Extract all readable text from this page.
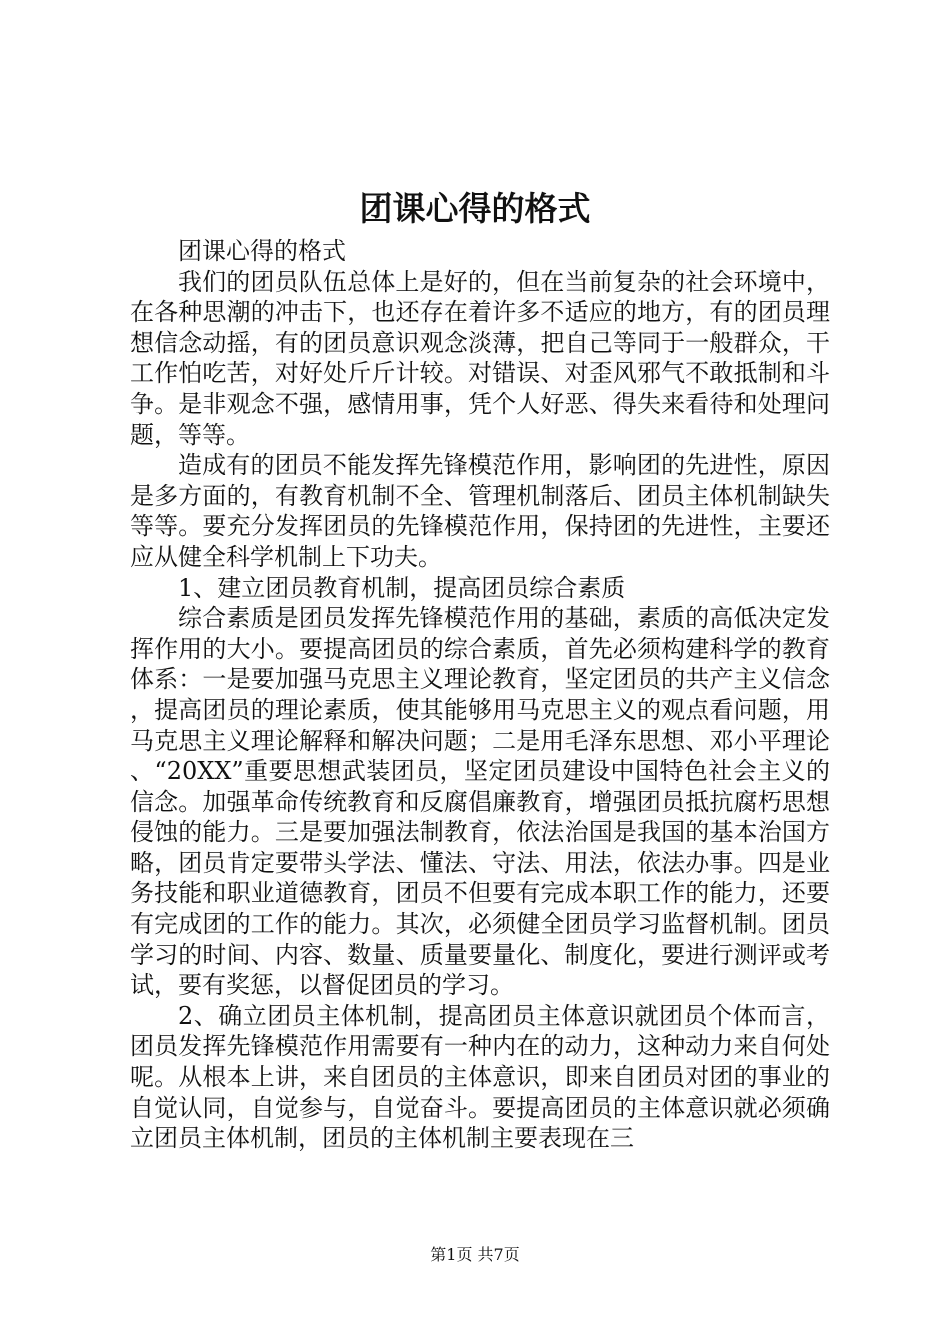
团课心得的格式

团课心得的格式

我们的团员队伍总体上是好的，但在当前复杂的社会环境中，在各种思潮的冲击下，也还存在着许多不适应的地方，有的团员理想信念动摇，有的团员意识观念淡薄，把自己等同于一般群众，干工作怕吃苦，对好处斤斤计较。对错误、对歪风邪气不敢抵制和斗争。是非观念不强，感情用事，凭个人好恶、得失来看待和处理问题，等等。

造成有的团员不能发挥先锋模范作用，影响团的先进性，原因是多方面的，有教育机制不全、管理机制落后、团员主体机制缺失等等。要充分发挥团员的先锋模范作用，保持团的先进性，主要还应从健全科学机制上下功夫。

1、建立团员教育机制，提高团员综合素质

综合素质是团员发挥先锋模范作用的基础，素质的高低决定发挥作用的大小。要提高团员的综合素质，首先必须构建科学的教育体系：一是要加强马克思主义理论教育，坚定团员的共产主义信念，提高团员的理论素质，使其能够用马克思主义的观点看问题，用马克思主义理论解释和解决问题；二是用毛泽东思想、邓小平理论、“20XX”重要思想武装团员，坚定团员建设中国特色社会主义的信念。加强革命传统教育和反腐倡廉教育，增强团员抵抗腐朽思想侵蚀的能力。三是要加强法制教育，依法治国是我国的基本治国方略，团员肯定要带头学法、懂法、守法、用法，依法办事。四是业务技能和职业道德教育，团员不但要有完成本职工作的能力，还要有完成团的工作的能力。其次，必须健全团员学习监督机制。团员学习的时间、内容、数量、质量要量化、制度化，要进行测评或考试，要有奖惩，以督促团员的学习。

2、确立团员主体机制，提高团员主体意识就团员个体而言，团员发挥先锋模范作用需要有一种内在的动力，这种动力来自何处呢。从根本上讲，来自团员的主体意识，即来自团员对团的事业的自觉认同，自觉参与，自觉奋斗。要提高团员的主体意识就必须确立团员主体机制，团员的主体机制主要表现在三

第1页 共7页
